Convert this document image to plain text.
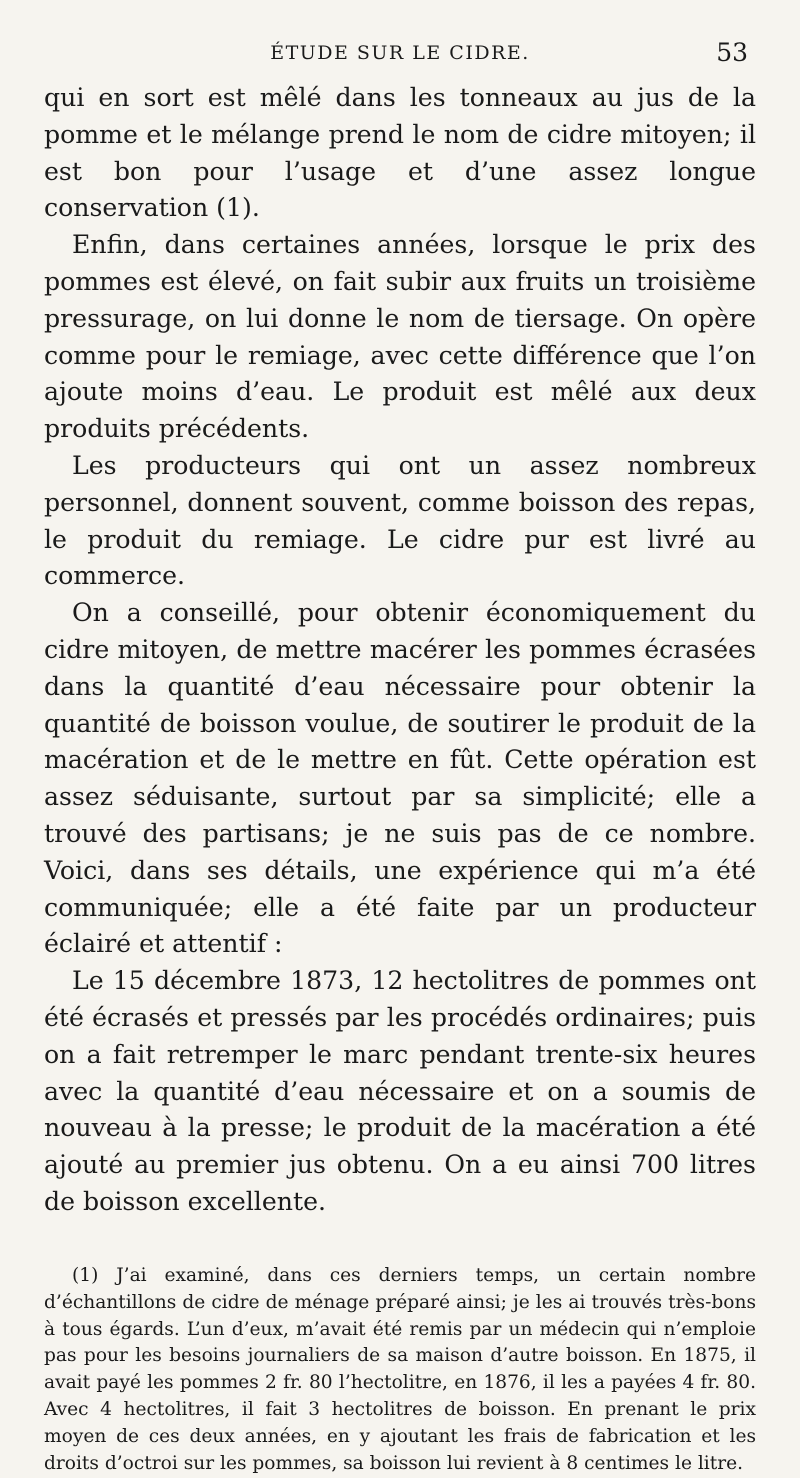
ÉTUDE SUR LE CIDRE.	53

qui en sort est mêlé dans les tonneaux au jus de la pomme et le mélange prend le nom de cidre mitoyen; il est bon pour l’usage et d’une assez longue conservation (1).

Enfin, dans certaines années, lorsque le prix des pommes est élevé, on fait subir aux fruits un troisième pressurage, on lui donne le nom de tiersage. On opère comme pour le remiage, avec cette différence que l’on ajoute moins d’eau. Le produit est mêlé aux deux produits précédents.

Les producteurs qui ont un assez nombreux personnel, donnent souvent, comme boisson des repas, le produit du remiage. Le cidre pur est livré au commerce.

On a conseillé, pour obtenir économiquement du cidre mitoyen, de mettre macérer les pommes écrasées dans la quantité d’eau nécessaire pour obtenir la quantité de boisson voulue, de soutirer le produit de la macération et de le mettre en fût. Cette opération est assez séduisante, surtout par sa simplicité; elle a trouvé des partisans; je ne suis pas de ce nombre. Voici, dans ses détails, une expérience qui m’a été communiquée; elle a été faite par un producteur éclairé et attentif :

Le 15 décembre 1873, 12 hectolitres de pommes ont été écrasés et pressés par les procédés ordinaires; puis on a fait retremper le marc pendant trente-six heures avec la quantité d’eau nécessaire et on a soumis de nouveau à la presse; le produit de la macération a été ajouté au premier jus obtenu. On a eu ainsi 700 litres de boisson excellente.

(1) J’ai examiné, dans ces derniers temps, un certain nombre d’échantillons de cidre de ménage préparé ainsi; je les ai trouvés très-bons à tous égards. L’un d’eux, m’avait été remis par un médecin qui n’emploie pas pour les besoins journaliers de sa maison d’autre boisson. En 1875, il avait payé les pommes 2 fr. 80 l’hectolitre, en 1876, il les a payées 4 fr. 80. Avec 4 hectolitres, il fait 3 hectolitres de boisson. En prenant le prix moyen de ces deux années, en y ajoutant les frais de fabrication et les droits d’octroi sur les pommes, sa boisson lui revient à 8 centimes le litre.
